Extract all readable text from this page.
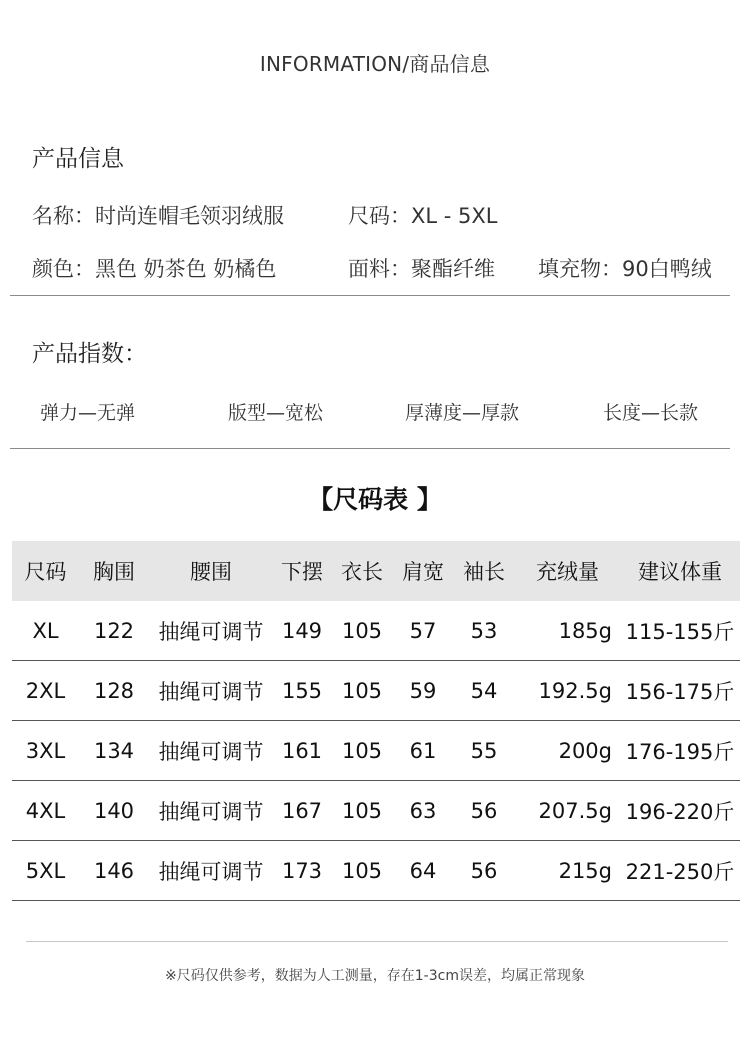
INFORMATION/商品信息
产品信息
名称：时尚连帽毛领羽绒服	尺码：XL - 5XL
颜色：黑色 奶茶色 奶橘色	面料：聚酯纤维 填充物：90白鸭绒
产品指数：
弹力—无弹	版型—宽松	厚薄度—厚款	长度—长款
【尺码表 】
尺码	胸围	腰围	下摆	衣长	肩宽	袖长	充绒量	建议体重
XL	122	抽绳可调节	149	105	57	53	185g	115-155斤
2XL	128	抽绳可调节	155	105	59	54	192.5g	156-175斤
3XL	134	抽绳可调节	161	105	61	55	200g	176-195斤
4XL	140	抽绳可调节	167	105	63	56	207.5g	196-220斤
5XL	146	抽绳可调节	173	105	64	56	215g	221-250斤
※尺码仅供参考，数据为人工测量，存在1-3cm误差，均属正常现象
